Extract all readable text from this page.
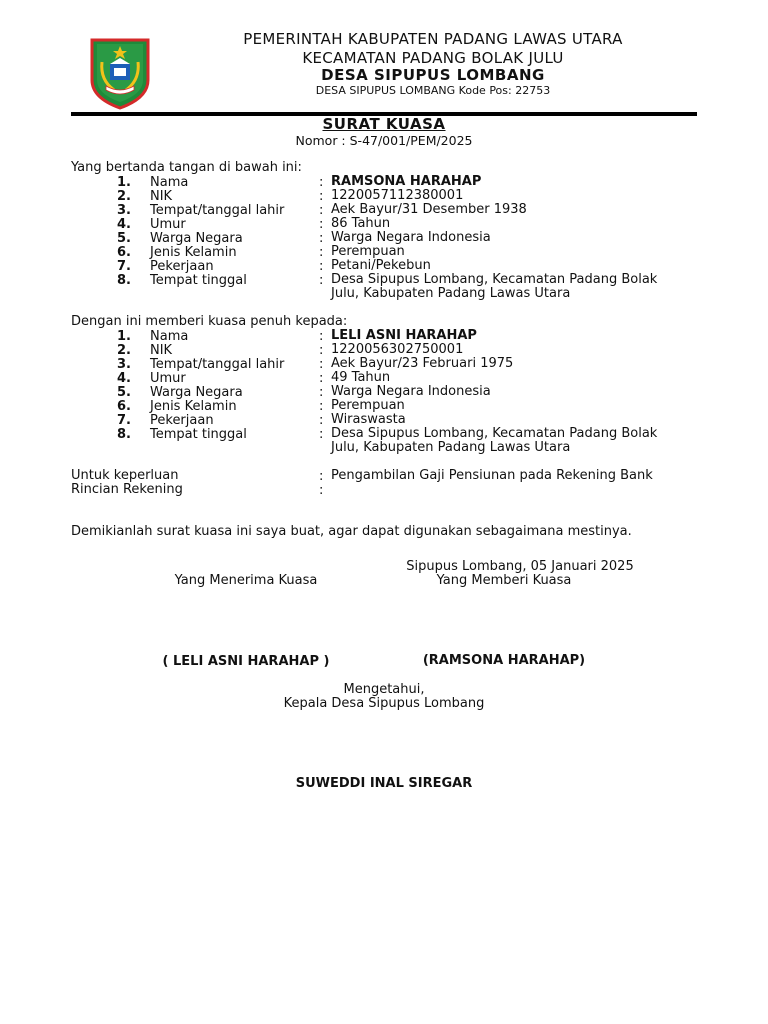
PEMERINTAH KABUPATEN PADANG LAWAS UTARA
KECAMATAN PADANG BOLAK JULU
DESA SIPUPUS LOMBANG
DESA SIPUPUS LOMBANG Kode Pos: 22753
SURAT KUASA
Nomor : S-47/001/PEM/2025
Yang bertanda tangan di bawah ini:
1. Nama	: RAMSONA HARAHAP
2. NIK	: 1220057112380001
3. Tempat/tanggal lahir	: Aek Bayur/31 Desember 1938
4. Umur	: 86 Tahun
5. Warga Negara	: Warga Negara Indonesia
6. Jenis Kelamin	: Perempuan
7. Pekerjaan	: Petani/Pekebun
8. Tempat tinggal	: Desa Sipupus Lombang, Kecamatan Padang Bolak
Julu, Kabupaten Padang Lawas Utara
Dengan ini memberi kuasa penuh kepada:
1. Nama	: LELI ASNI HARAHAP
2. NIK	: 1220056302750001
3. Tempat/tanggal lahir	: Aek Bayur/23 Februari 1975
4. Umur	: 49 Tahun
5. Warga Negara	: Warga Negara Indonesia
6. Jenis Kelamin	: Perempuan
7. Pekerjaan	: Wiraswasta
8. Tempat tinggal	: Desa Sipupus Lombang, Kecamatan Padang Bolak
Julu, Kabupaten Padang Lawas Utara
Untuk keperluan	: Pengambilan Gaji Pensiunan pada Rekening Bank
Rincian Rekening	:
Demikianlah surat kuasa ini saya buat, agar dapat digunakan sebagaimana mestinya.
Sipupus Lombang, 05 Januari 2025
Yang Menerima Kuasa	Yang Memberi Kuasa
( LELI ASNI HARAHAP )	(RAMSONA HARAHAP)
Mengetahui,
Kepala Desa Sipupus Lombang
SUWEDDI INAL SIREGAR
